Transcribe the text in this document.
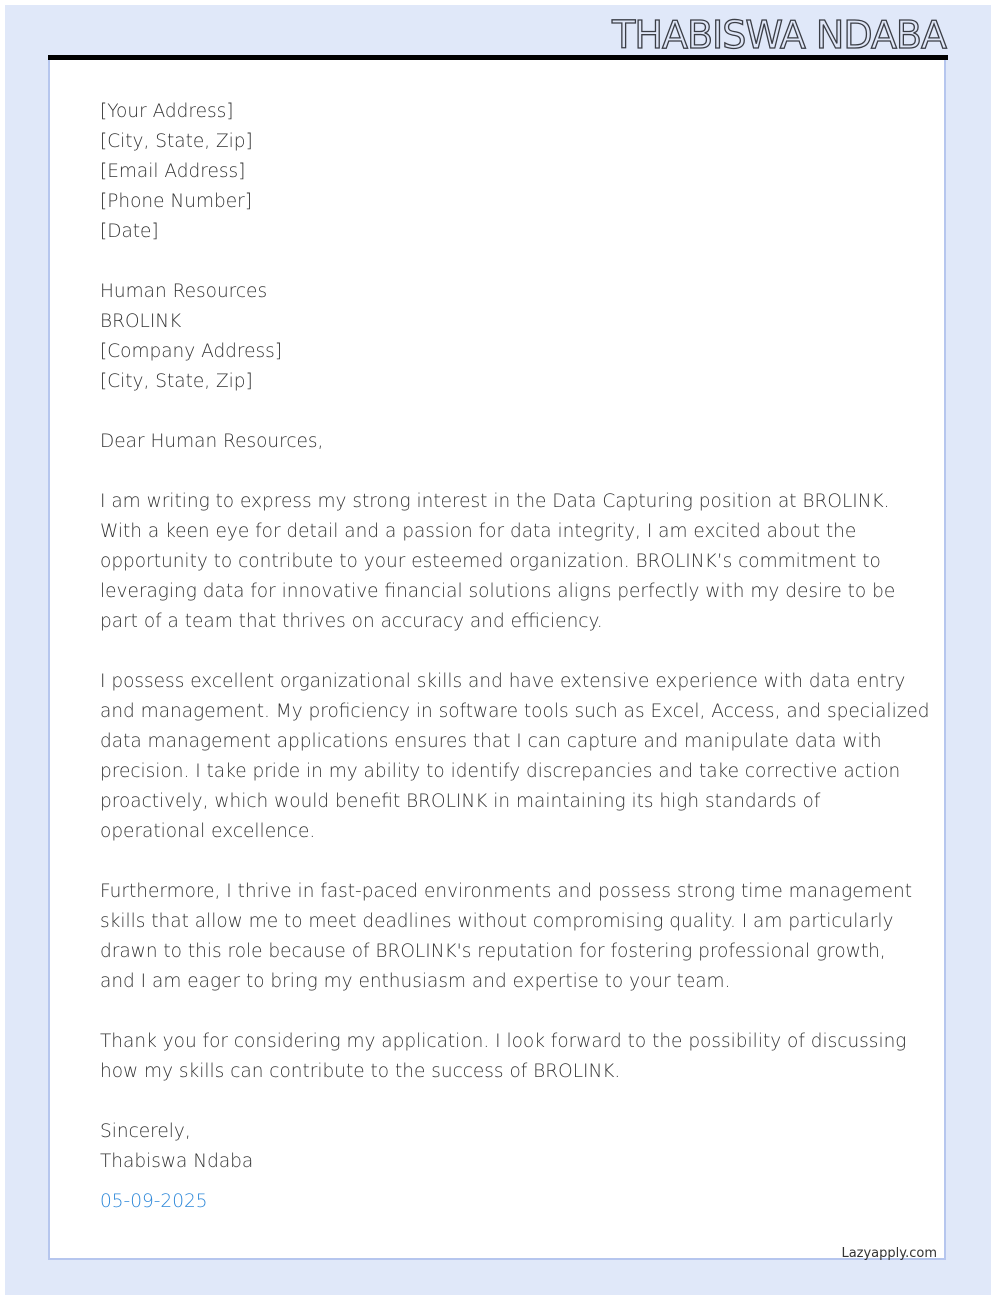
THABISWA NDABA
[Your Address]
[City, State, Zip]
[Email Address]
[Phone Number]
[Date]
Human Resources
BROLINK
[Company Address]
[City, State, Zip]
Dear Human Resources,
I am writing to express my strong interest in the Data Capturing position at BROLINK.
With a keen eye for detail and a passion for data integrity, I am excited about the
opportunity to contribute to your esteemed organization. BROLINK’s commitment to
leveraging data for innovative financial solutions aligns perfectly with my desire to be
part of a team that thrives on accuracy and efficiency.
I possess excellent organizational skills and have extensive experience with data entry
and management. My proficiency in software tools such as Excel, Access, and specialized
data management applications ensures that I can capture and manipulate data with
precision. I take pride in my ability to identify discrepancies and take corrective action
proactively, which would benefit BROLINK in maintaining its high standards of
operational excellence.
Furthermore, I thrive in fast-paced environments and possess strong time management
skills that allow me to meet deadlines without compromising quality. I am particularly
drawn to this role because of BROLINK's reputation for fostering professional growth,
and I am eager to bring my enthusiasm and expertise to your team.
Thank you for considering my application. I look forward to the possibility of discussing
how my skills can contribute to the success of BROLINK.
Sincerely,
Thabiswa Ndaba
05-09-2025
Lazyapply.com
